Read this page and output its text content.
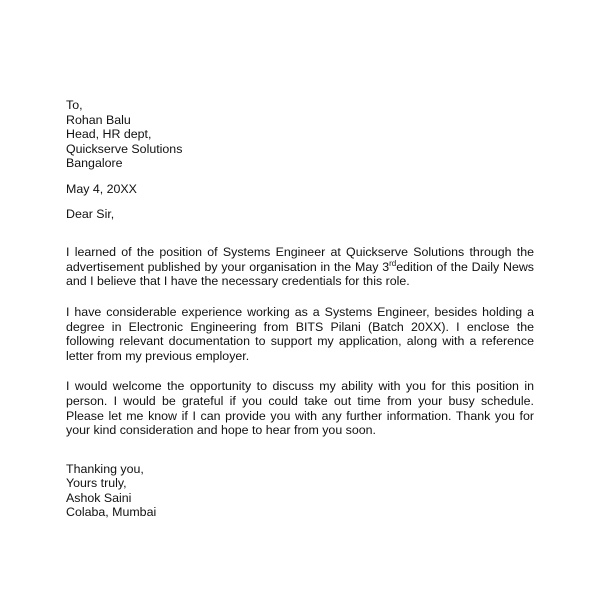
To,
Rohan Balu
Head, HR dept,
Quickserve Solutions
Bangalore
May 4, 20XX
Dear Sir,

I learned of the position of Systems Engineer at Quickserve Solutions through the advertisement published by your organisation in the May 3rdedition of the Daily News and I believe that I have the necessary credentials for this role.

I have considerable experience working as a Systems Engineer, besides holding a degree in Electronic Engineering from BITS Pilani (Batch 20XX). I enclose the following relevant documentation to support my application, along with a reference letter from my previous employer.

I would welcome the opportunity to discuss my ability with you for this position in person. I would be grateful if you could take out time from your busy schedule. Please let me know if I can provide you with any further information. Thank you for your kind consideration and hope to hear from you soon.

Thanking you,
Yours truly,
Ashok Saini
Colaba, Mumbai
